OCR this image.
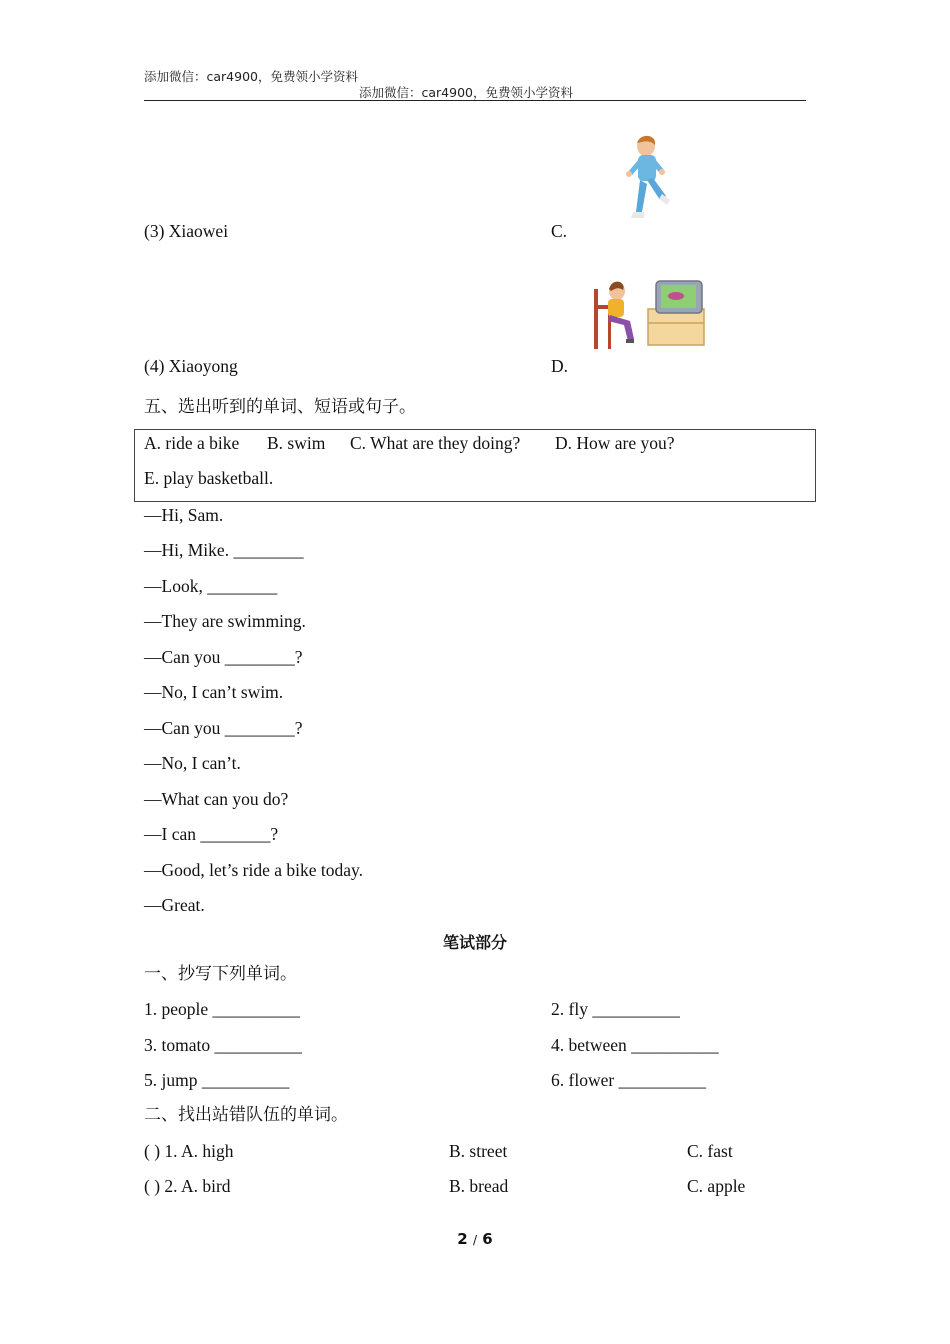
添加微信：car4900，免费领小学资料
添加微信：car4900，免费领小学资料
(3) Xiaowei	C.
(4) Xiaoyong	D.
五、选出听到的单词、短语或句子。
A. ride a bike B. swim C. What are they doing? D. How are you?
E. play basketball.
—Hi, Sam.
—Hi, Mike. ________
—Look, ________
—They are swimming.
—Can you ________?
—No, I can’t swim.
—Can you ________?
—No, I can’t.
—What can you do?
—I can ________?
—Good, let’s ride a bike today.
—Great.
笔试部分
一、抄写下列单词。
1. people __________	2. fly __________
3. tomato __________	4. between __________
5. jump __________	6. flower __________
二、找出站错队伍的单词。
( ) 1. A. high	B. street	C. fast
( ) 2. A. bird	B. bread	C. apple
2 / 6
